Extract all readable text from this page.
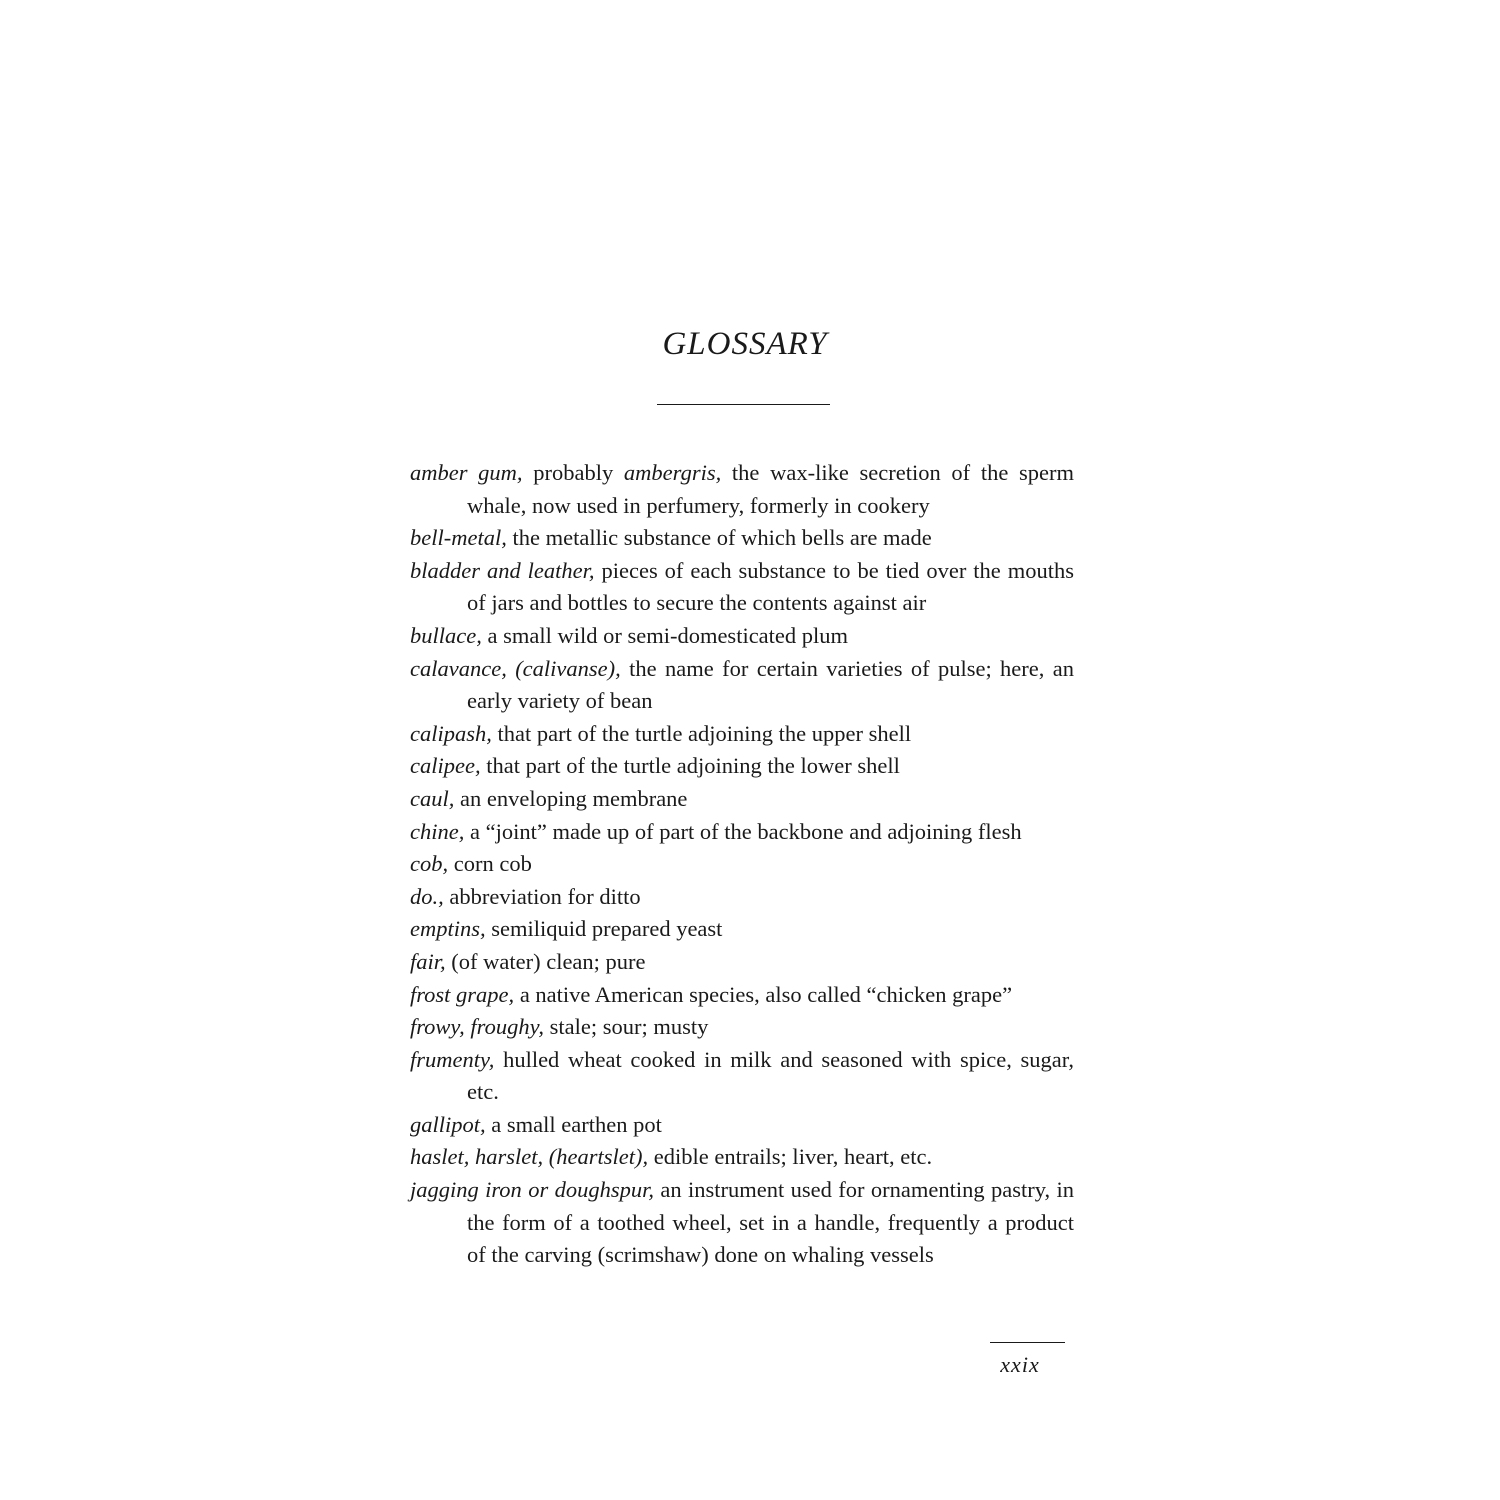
GLOSSARY
amber gum, probably ambergris, the wax-like secretion of the sperm whale, now used in perfumery, formerly in cookery
bell-metal, the metallic substance of which bells are made
bladder and leather, pieces of each substance to be tied over the mouths of jars and bottles to secure the contents against air
bullace, a small wild or semi-domesticated plum
calavance, (calivanse), the name for certain varieties of pulse; here, an early variety of bean
calipash, that part of the turtle adjoining the upper shell
calipee, that part of the turtle adjoining the lower shell
caul, an enveloping membrane
chine, a “joint” made up of part of the backbone and adjoining flesh
cob, corn cob
do., abbreviation for ditto
emptins, semiliquid prepared yeast
fair, (of water) clean; pure
frost grape, a native American species, also called “chicken grape”
frowy, froughy, stale; sour; musty
frumenty, hulled wheat cooked in milk and seasoned with spice, sugar, etc.
gallipot, a small earthen pot
haslet, harslet, (heartslet), edible entrails; liver, heart, etc.
jagging iron or doughspur, an instrument used for ornamenting pastry, in the form of a toothed wheel, set in a handle, frequently a product of the carving (scrimshaw) done on whaling vessels
xxix
